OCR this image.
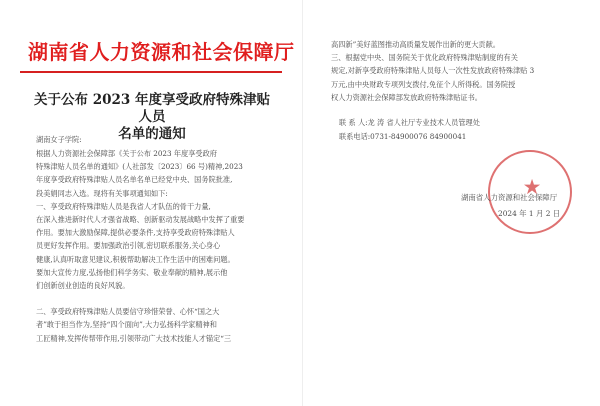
湖南省人力资源和社会保障厅
关于公布 2023 年度享受政府特殊津贴人员
名单的通知
湖南女子学院:
根据人力资源社会保障部《关于公布 2023 年度享受政府
特殊津贴人员名单的通知》(人社部发〔2023〕66 号)精神,2023
年度享受政府特殊津贴人员名单名单已经党中央、国务院批准,
段美娟同志入选。现将有关事项通知如下:
一、享受政府特殊津贴人员是我省人才队伍的骨干力量,
在深入推进新时代人才强省战略、创新驱动发展战略中发挥了重要
作用。要加大激励保障,提供必要条件,支持享受政府特殊津贴人
员更好发挥作用。要加强政治引领,密切联系服务,关心身心
健康,认真听取意见建议,积极帮助解决工作生活中的困难问题。
要加大宣传力度,弘扬他们科学务实、敬业奉献的精神,展示他
们创新创业创造的良好风貌。
二、享受政府特殊津贴人员要信守珍惜荣誉、心怀“国之大
者”敢于担当作为,坚持“四个面向”,大力弘扬科学家精神和
工匠精神,发挥传帮带作用,引领带动广大技术技能人才锚定“三
高四新”美好蓝图推动高质量发展作出新的更大贡献。
三、根据党中央、国务院关于优化政府特殊津贴制度的有关
规定,对新享受政府特殊津贴人员每人一次性发放政府特殊津贴 3
万元,由中央财政专项列支拨付,免征个人所得税。国务院授
权人力资源社会保障部发放政府特殊津贴证书。
联 系 人:龙 涛 省人社厅专业技术人员管理处
联系电话:0731-84900076 84900041
★
湖南省人力资源和社会保障厅
2024 年 1 月 2 日
